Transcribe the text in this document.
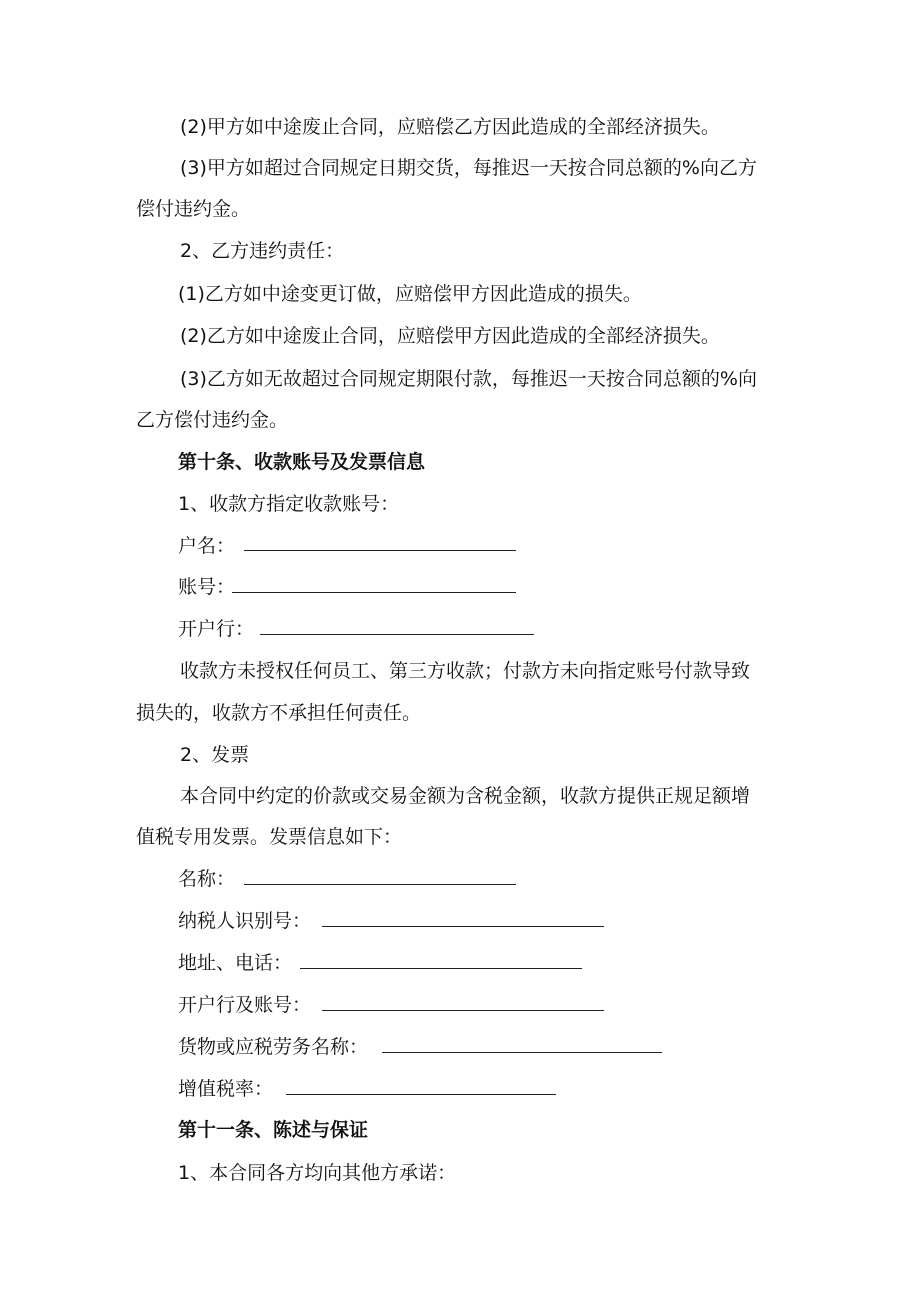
(2)甲方如中途废止合同，应赔偿乙方因此造成的全部经济损失。

(3)甲方如超过合同规定日期交货，每推迟一天按合同总额的%向乙方

偿付违约金。

2、乙方违约责任：

(1)乙方如中途变更订做，应赔偿甲方因此造成的损失。

(2)乙方如中途废止合同，应赔偿甲方因此造成的全部经济损失。

(3)乙方如无故超过合同规定期限付款，每推迟一天按合同总额的%向

乙方偿付违约金。

第十条、收款账号及发票信息

1、收款方指定收款账号：

户名：

账号：

开户行：

收款方未授权任何员工、第三方收款；付款方未向指定账号付款导致

损失的，收款方不承担任何责任。

2、发票

本合同中约定的价款或交易金额为含税金额，收款方提供正规足额增

值税专用发票。发票信息如下：

名称：

纳税人识别号：

地址、电话：

开户行及账号：

货物或应税劳务名称：

增值税率：

第十一条、陈述与保证

1、本合同各方均向其他方承诺：
